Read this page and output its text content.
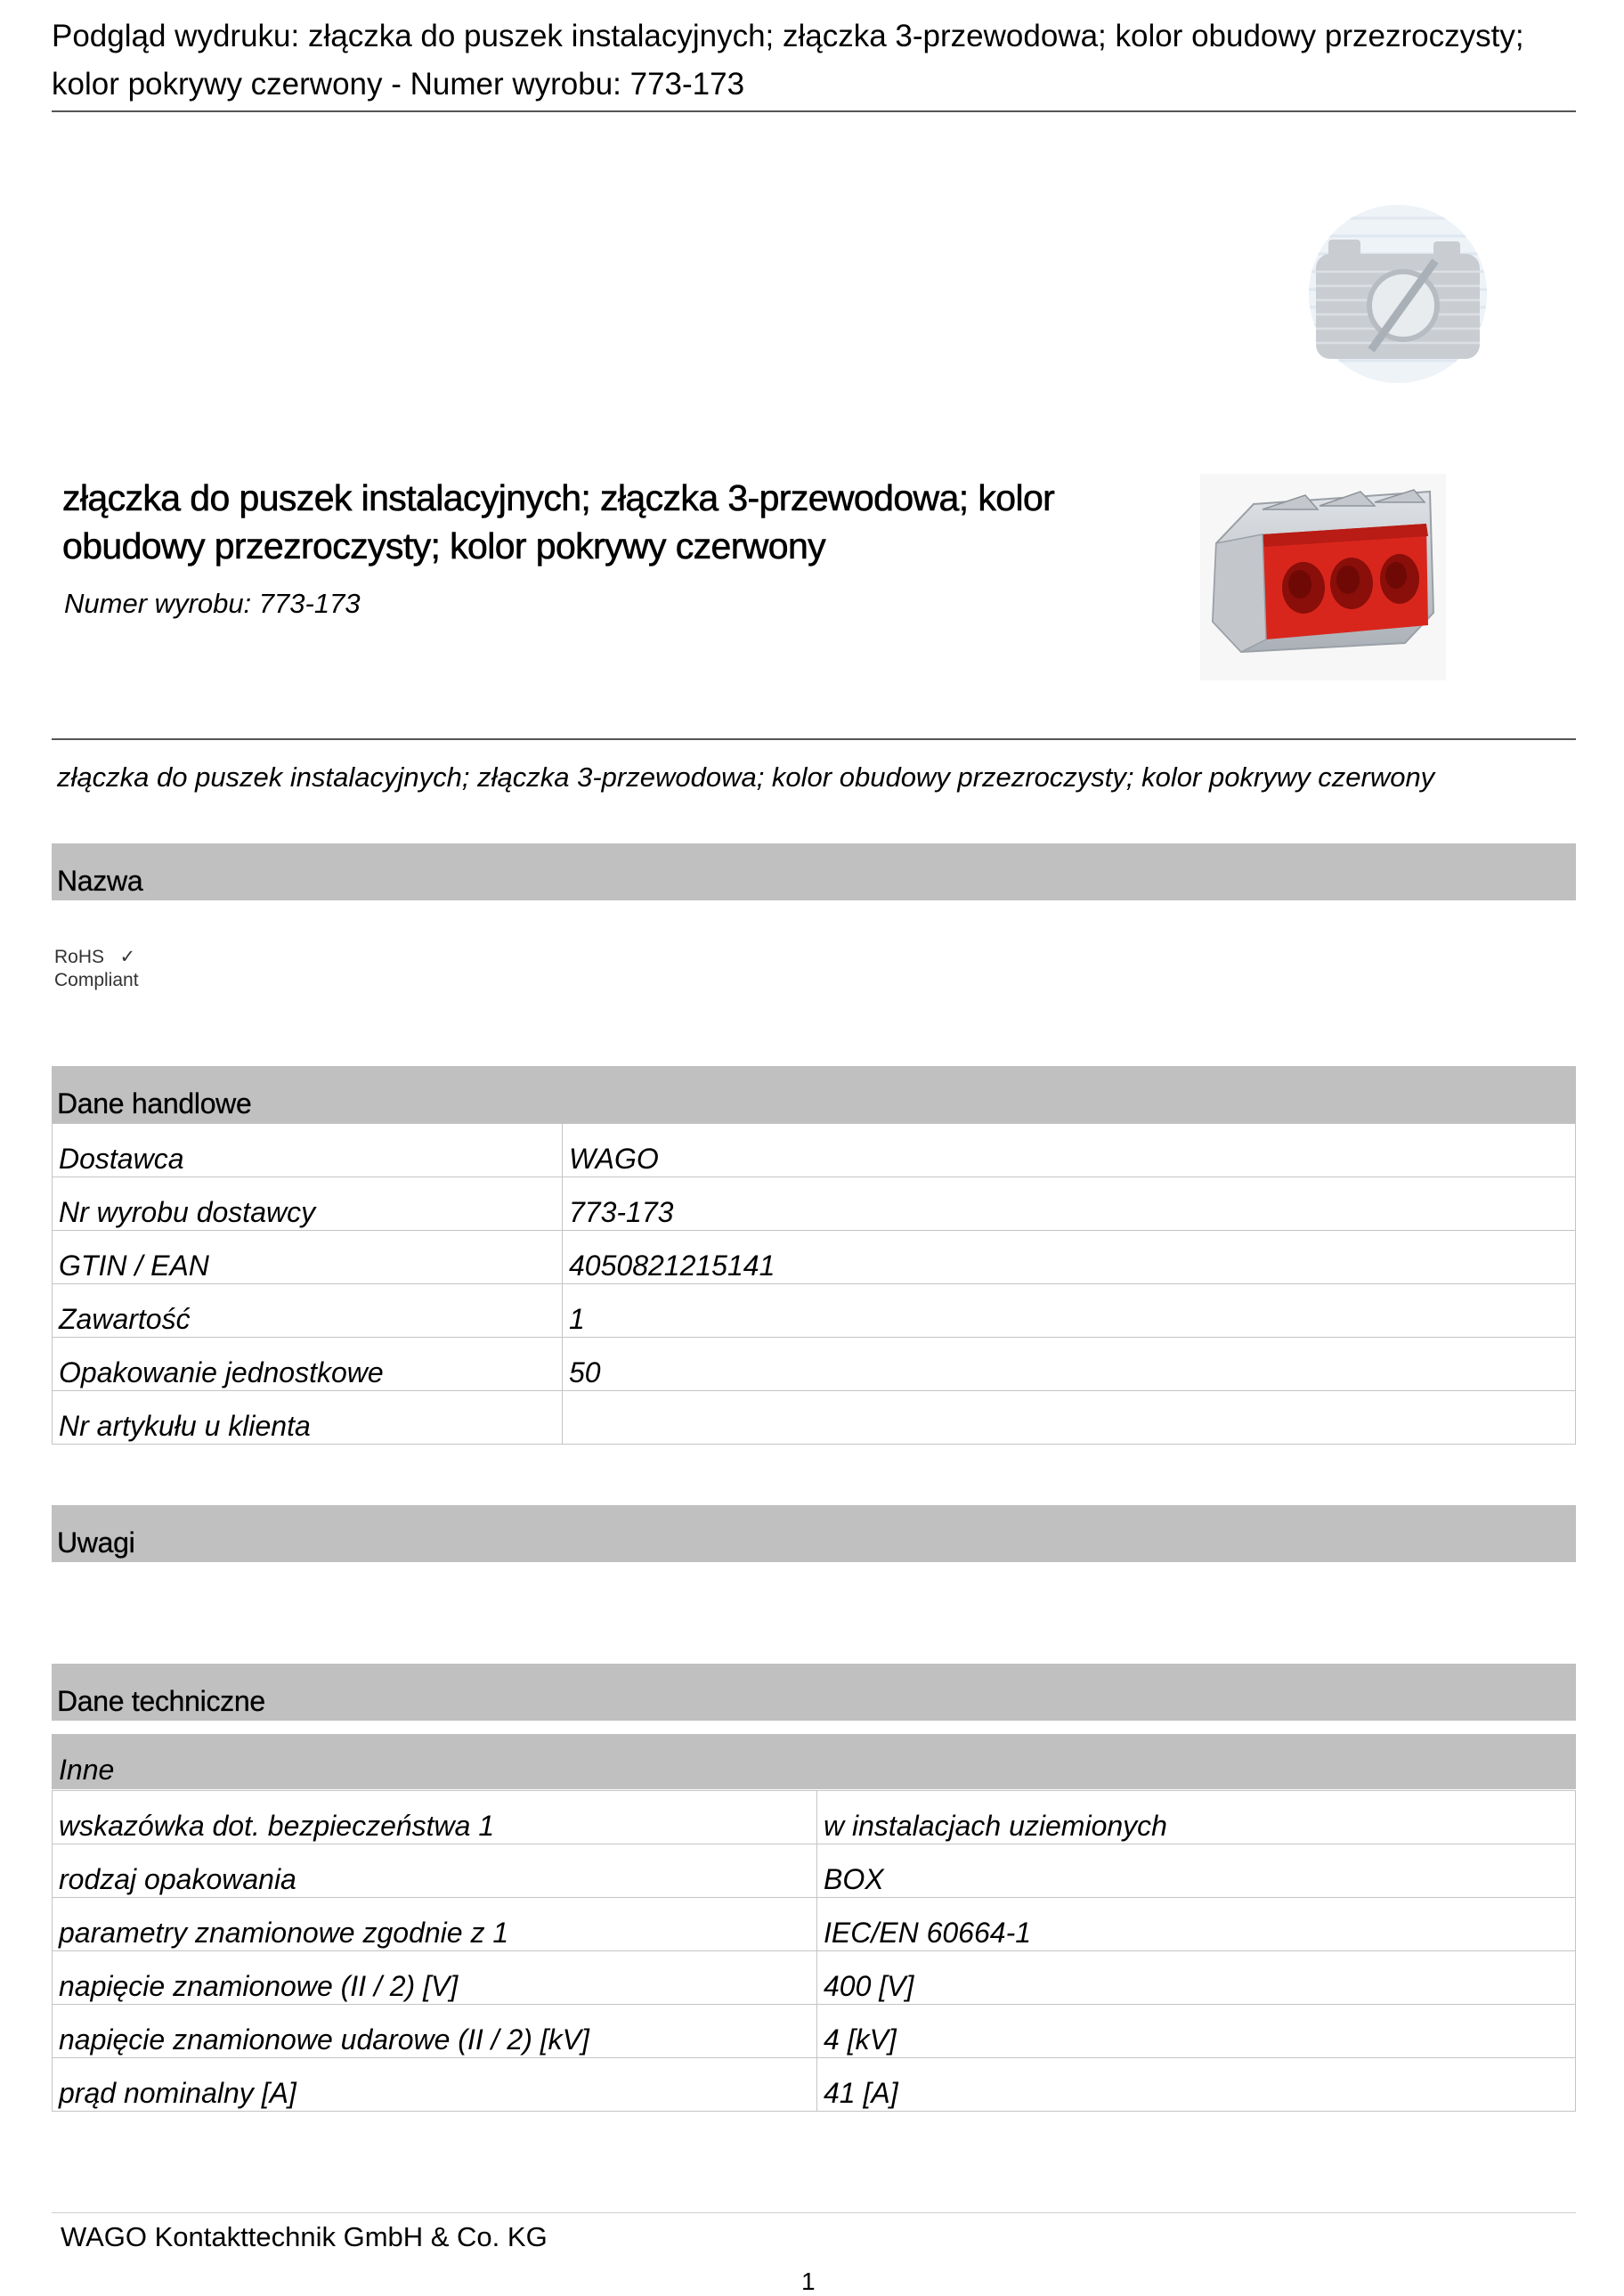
Podgląd wydruku: złączka do puszek instalacyjnych; złączka 3-przewodowa; kolor obudowy przezroczysty;
kolor pokrywy czerwony - Numer wyrobu: 773-173
złączka do puszek instalacyjnych; złączka 3-przewodowa; kolor
obudowy przezroczysty; kolor pokrywy czerwony
Numer wyrobu: 773-173
złączka do puszek instalacyjnych; złączka 3-przewodowa; kolor obudowy przezroczysty; kolor pokrywy czerwony
Nazwa
RoHS ✓
Compliant
Dane handlowe
Dostawca	WAGO
Nr wyrobu dostawcy	773-173
GTIN / EAN	4050821215141
Zawartość	1
Opakowanie jednostkowe	50
Nr artykułu u klienta	
Uwagi
Dane techniczne
Inne
wskazówka dot. bezpieczeństwa 1	w instalacjach uziemionych
rodzaj opakowania	BOX
parametry znamionowe zgodnie z 1	IEC/EN 60664-1
napięcie znamionowe (II / 2) [V]	400 [V]
napięcie znamionowe udarowe (II / 2) [kV]	4 [kV]
prąd nominalny [A]	41 [A]
WAGO Kontakttechnik GmbH & Co. KG
1
